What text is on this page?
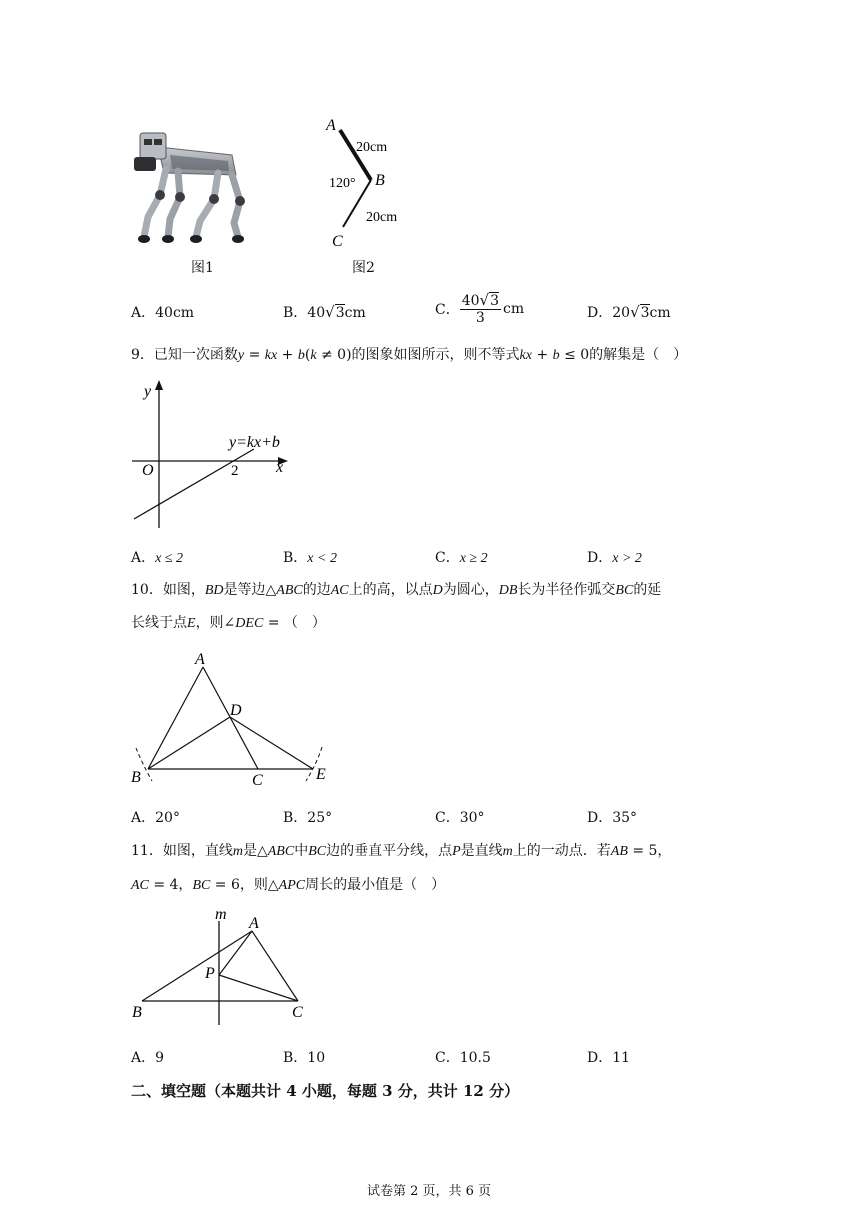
图1
A
B
C
20cm
20cm
120°
图2
A．40cm	B．40√3cm	C． $\frac{40√3}{3}$ cm	D．20√3cm
9．已知一次函数y = kx + b(k ≠ 0)的图象如图所示，则不等式kx + b ≤ 0的解集是（　）
y
x
O	2
y=kx+b
A．x ≤ 2	B．x < 2	C．x ≥ 2	D．x > 2
10．如图，BD是等边△ABC的边AC上的高，以点D为圆心，DB长为半径作弧交BC的延
长线于点E，则∠DEC = （　）
A
D
B	C	E
A．20°	B．25°	C．30°	D．35°
11．如图，直线m是△ABC中BC边的垂直平分线，点P是直线m上的一动点．若AB = 5，
AC = 4，BC = 6，则△APC周长的最小值是（　）
m
A
P
B	C
A．9	B．10	C．10.5	D．11
二、填空题（本题共计 4 小题，每题 3 分，共计 12 分）
试卷第 2 页，共 6 页
